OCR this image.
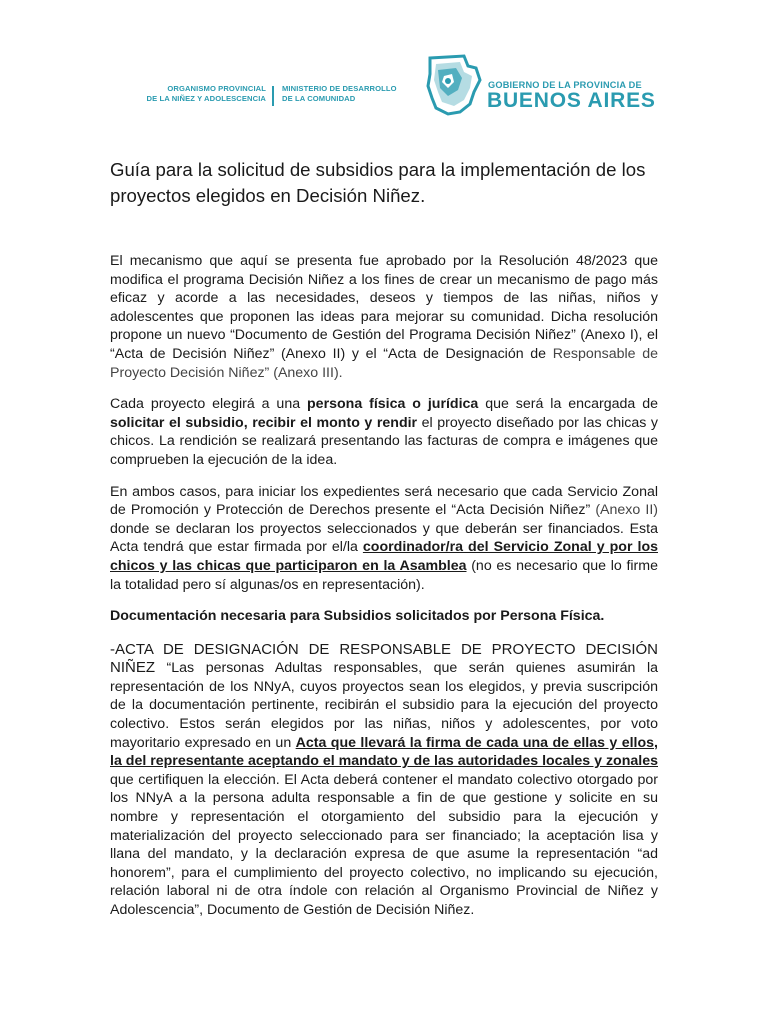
ORGANISMO PROVINCIAL
DE LA NIÑEZ Y ADOLESCENCIA
MINISTERIO DE DESARROLLO
DE LA COMUNIDAD
GOBIERNO DE LA PROVINCIA DE
BUENOS AIRES
Guía para la solicitud de subsidios para la implementación de los proyectos elegidos en Decisión Niñez.

El mecanismo que aquí se presenta fue aprobado por la Resolución 48/2023 que modifica el programa Decisión Niñez a los fines de crear un mecanismo de pago más eficaz y acorde a las necesidades, deseos y tiempos de las niñas, niños y adolescentes que proponen las ideas para mejorar su comunidad. Dicha resolución propone un nuevo “Documento de Gestión del Programa Decisión Niñez” (Anexo I), el “Acta de Decisión Niñez” (Anexo II) y el “Acta de Designación de Responsable de Proyecto Decisión Niñez” (Anexo III).

Cada proyecto elegirá a una persona física o jurídica que será la encargada de solicitar el subsidio, recibir el monto y rendir el proyecto diseñado por las chicas y chicos. La rendición se realizará presentando las facturas de compra e imágenes que comprueben la ejecución de la idea.

En ambos casos, para iniciar los expedientes será necesario que cada Servicio Zonal de Promoción y Protección de Derechos presente el “Acta Decisión Niñez” (Anexo II) donde se declaran los proyectos seleccionados y que deberán ser financiados. Esta Acta tendrá que estar firmada por el/la coordinador/ra del Servicio Zonal y por los chicos y las chicas que participaron en la Asamblea (no es necesario que lo firme la totalidad pero sí algunas/os en representación).

Documentación necesaria para Subsidios solicitados por Persona Física.

-ACTA DE DESIGNACIÓN DE RESPONSABLE DE PROYECTO DECISIÓN NIÑEZ “Las personas Adultas responsables, que serán quienes asumirán la representación de los NNyA, cuyos proyectos sean los elegidos, y previa suscripción de la documentación pertinente, recibirán el subsidio para la ejecución del proyecto colectivo. Estos serán elegidos por las niñas, niños y adolescentes, por voto mayoritario expresado en un Acta que llevará la firma de cada una de ellas y ellos, la del representante aceptando el mandato y de las autoridades locales y zonales que certifiquen la elección. El Acta deberá contener el mandato colectivo otorgado por los NNyA a la persona adulta responsable a fin de que gestione y solicite en su nombre y representación el otorgamiento del subsidio para la ejecución y materialización del proyecto seleccionado para ser financiado; la aceptación lisa y llana del mandato, y la declaración expresa de que asume la representación “ad honorem”, para el cumplimiento del proyecto colectivo, no implicando su ejecución, relación laboral ni de otra índole con relación al Organismo Provincial de Niñez y Adolescencia”, Documento de Gestión de Decisión Niñez.
